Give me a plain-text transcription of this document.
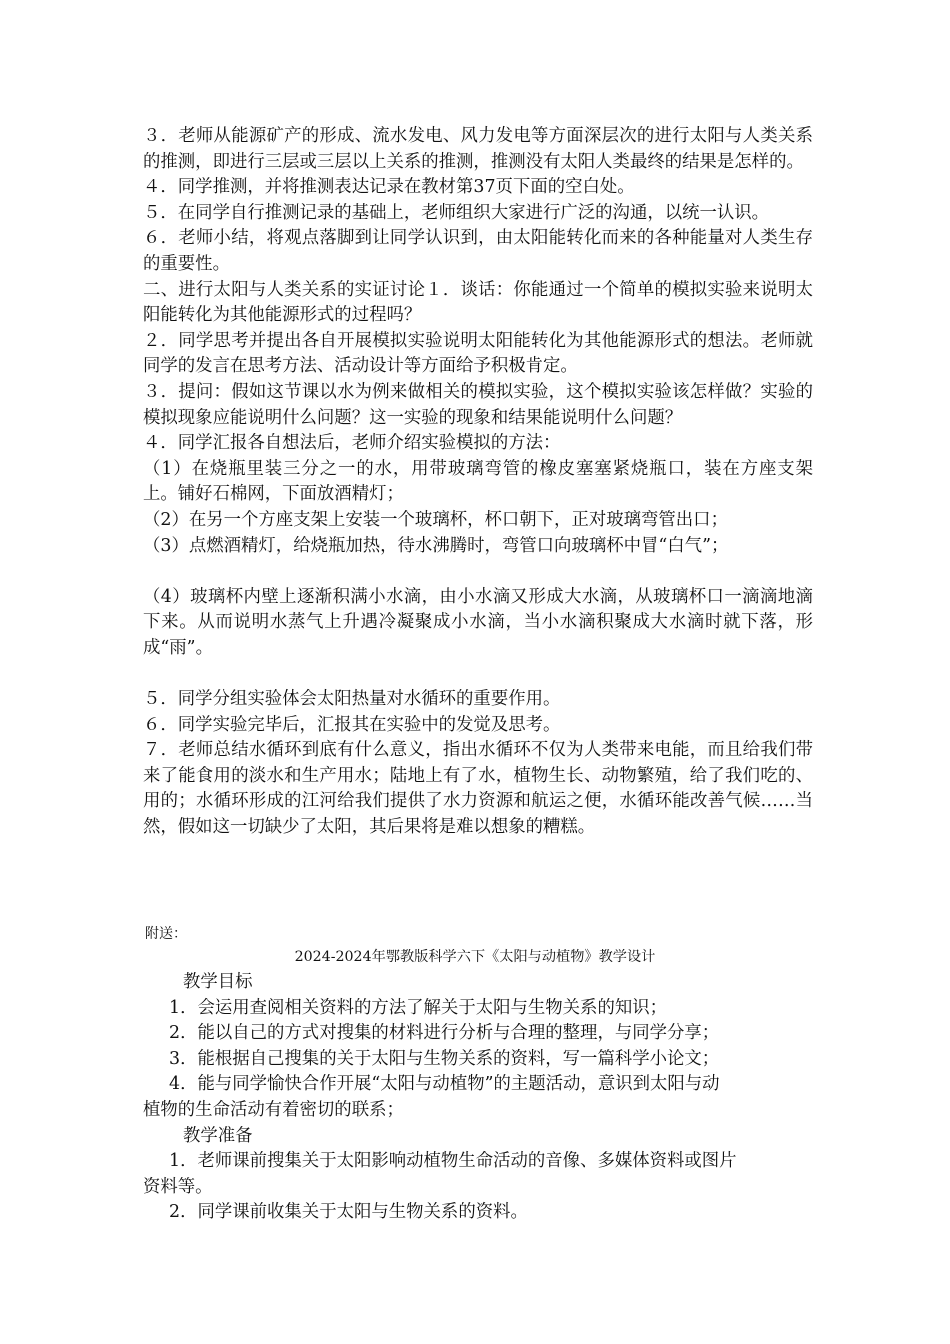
３．老师从能源矿产的形成、流水发电、风力发电等方面深层次的进行太阳与人类关系的推测，即进行三层或三层以上关系的推测，推测没有太阳人类最终的结果是怎样的。

４．同学推测，并将推测表达记录在教材第37页下面的空白处。

５．在同学自行推测记录的基础上，老师组织大家进行广泛的沟通，以统一认识。

６．老师小结，将观点落脚到让同学认识到，由太阳能转化而来的各种能量对人类生存的重要性。

二、进行太阳与人类关系的实证讨论１．谈话：你能通过一个简单的模拟实验来说明太阳能转化为其他能源形式的过程吗？

２．同学思考并提出各自开展模拟实验说明太阳能转化为其他能源形式的想法。老师就同学的发言在思考方法、活动设计等方面给予积极肯定。

３．提问：假如这节课以水为例来做相关的模拟实验，这个模拟实验该怎样做？实验的模拟现象应能说明什么问题？这一实验的现象和结果能说明什么问题？

４．同学汇报各自想法后，老师介绍实验模拟的方法：

（1）在烧瓶里装三分之一的水，用带玻璃弯管的橡皮塞塞紧烧瓶口，装在方座支架上。铺好石棉网，下面放酒精灯；

（2）在另一个方座支架上安装一个玻璃杯，杯口朝下，正对玻璃弯管出口；

（3）点燃酒精灯，给烧瓶加热，待水沸腾时，弯管口向玻璃杯中冒“白气”；

（4）玻璃杯内壁上逐渐积满小水滴，由小水滴又形成大水滴，从玻璃杯口一滴滴地滴下来。从而说明水蒸气上升遇冷凝聚成小水滴，当小水滴积聚成大水滴时就下落，形成“雨”。

５．同学分组实验体会太阳热量对水循环的重要作用。

６．同学实验完毕后，汇报其在实验中的发觉及思考。

７．老师总结水循环到底有什么意义，指出水循环不仅为人类带来电能，而且给我们带来了能食用的淡水和生产用水；陆地上有了水，植物生长、动物繁殖，给了我们吃的、用的；水循环形成的江河给我们提供了水力资源和航运之便，水循环能改善气候……当然，假如这一切缺少了太阳，其后果将是难以想象的糟糕。

附送：
2024-2024年鄂教版科学六下《太阳与动植物》教学设计

教学目标

1．会运用查阅相关资料的方法了解关于太阳与生物关系的知识；

2．能以自己的方式对搜集的材料进行分析与合理的整理，与同学分享；

3．能根据自己搜集的关于太阳与生物关系的资料，写一篇科学小论文；

4．能与同学愉快合作开展“太阳与动植物”的主题活动，意识到太阳与动

植物的生命活动有着密切的联系；

教学准备

1．老师课前搜集关于太阳影响动植物生命活动的音像、多媒体资料或图片

资料等。

2．同学课前收集关于太阳与生物关系的资料。
